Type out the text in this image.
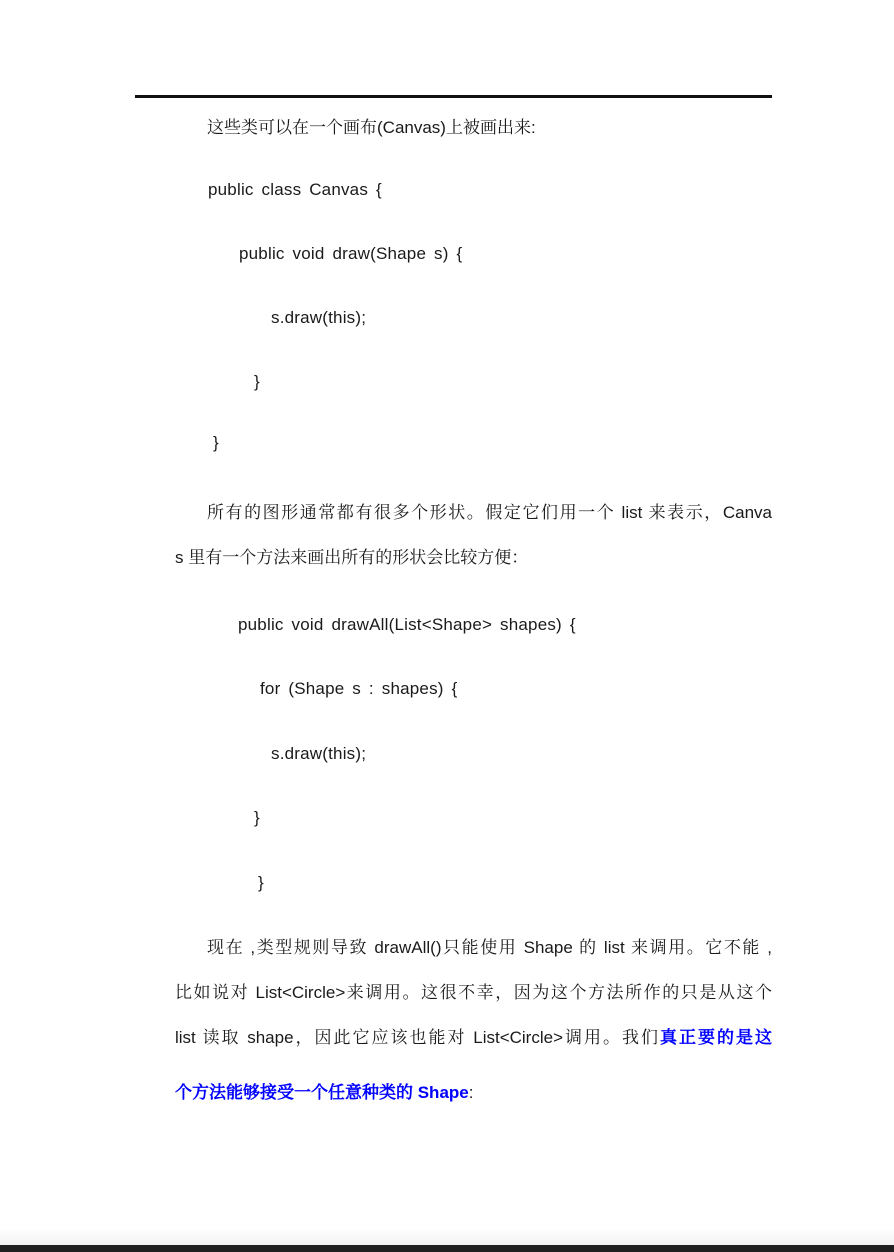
这些类可以在一个画布(Canvas)上被画出来:
public class Canvas {
public void draw(Shape s) {
s.draw(this);
}
}
所有的图形通常都有很多个形状。假定它们用一个 list 来表示，Canva
s 里有一个方法来画出所有的形状会比较方便：
public void drawAll(List<Shape> shapes) {
for (Shape s : shapes) {
s.draw(this);
}
}
现在 ,类型规则导致 drawAll()只能使用 Shape 的 list 来调用。它不能 ,
比如说对 List<Circle>来调用。这很不幸，因为这个方法所作的只是从这个
list 读取 shape，因此它应该也能对 List<Circle>调用。我们真正要的是这
个方法能够接受一个任意种类的 Shape:
